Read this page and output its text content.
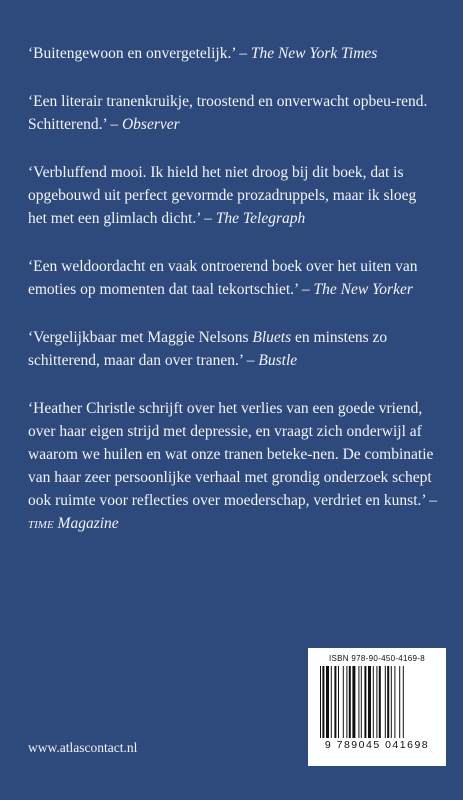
‘Buitengewoon en onvergetelijk.’ – The New York Times

‘Een literair tranenkruikje, troostend en onverwacht opbeu-rend. Schitterend.’ – Observer

‘Verbluffend mooi. Ik hield het niet droog bij dit boek, dat is opgebouwd uit perfect gevormde prozadruppels, maar ik sloeg het met een glimlach dicht.’ – The Telegraph

‘Een weldoordacht en vaak ontroerend boek over het uiten van emoties op momenten dat taal tekortschiet.’ – The New Yorker

‘Vergelijkbaar met Maggie Nelsons Bluets en minstens zo schitterend, maar dan over tranen.’ – Bustle

‘Heather Christle schrijft over het verlies van een goede vriend, over haar eigen strijd met depressie, en vraagt zich onderwijl af waarom we huilen en wat onze tranen beteke-nen. De combinatie van haar zeer persoonlijke verhaal met grondig onderzoek schept ook ruimte voor reflecties over moederschap, verdriet en kunst.’ – time Magazine

www.atlascontact.nl
ISBN 978-90-450-4169-8
9 789045 041698
